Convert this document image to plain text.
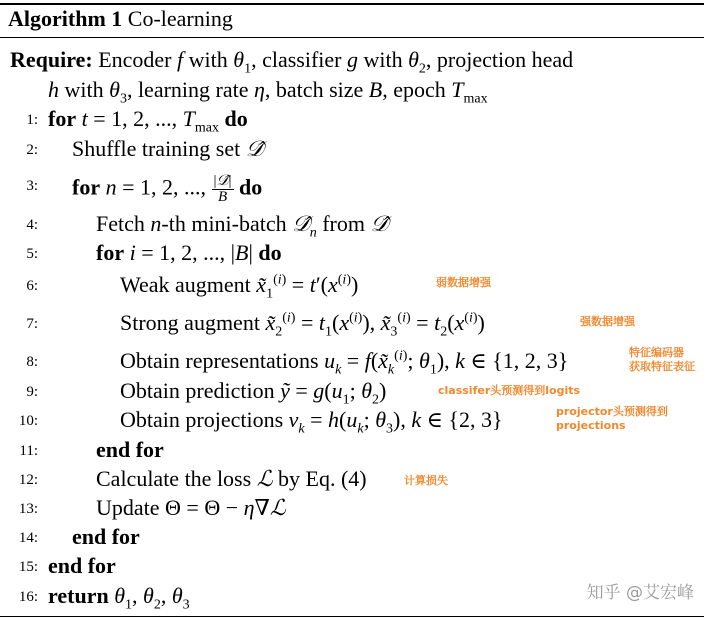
Algorithm 1 Co-learning
Require: Encoder f with $\theta_1$, classifier g with $\theta_2$, projection head
h with $\theta_3$, learning rate η, batch size B, epoch $T_{max}$
1: for t = 1, 2, ..., $T_{max}$ do
2: Shuffle training set 𝒟̂
3: for n = 1, 2, ..., $\frac{\text{|𝒟̂|}}{B}$ do
4:	Fetch n-th mini-batch $𝒟̂_n$ from 𝒟̂
5:	for i = 1, 2, ..., |B| do
6:	Weak augment $x̃_1^{(i)} = t'(x^{(i)})$	弱数据增强
7:	Strong augment $x̃_2^{(i)} = t_1(x^{(i)})$, $x̃_3^{(i)} = t_2(x^{(i)})$	强数据增强
8:	Obtain representations $u_k$ = $f(x̃_k^{(i)}$; $\theta_1$), k ∈ {1, 2, 3}	特征编码器
获取特征表征
9:	Obtain prediction ỹ = $g(u_1$; $\theta_2$)	classifer头预测得到logits
10:	Obtain projections $v_k = h(u_k$; $\theta_3$), k ∈ {2, 3}	projector头预测得到
projections
11:	end for
12:	Calculate the loss ℒ by Eq. (4)	计算损失
13:	Update Θ = Θ − η∇ℒ
14: end for
15: end for
16: return $\theta_1$, $\theta_2$, $\theta_3$
知乎 @艾宏峰
